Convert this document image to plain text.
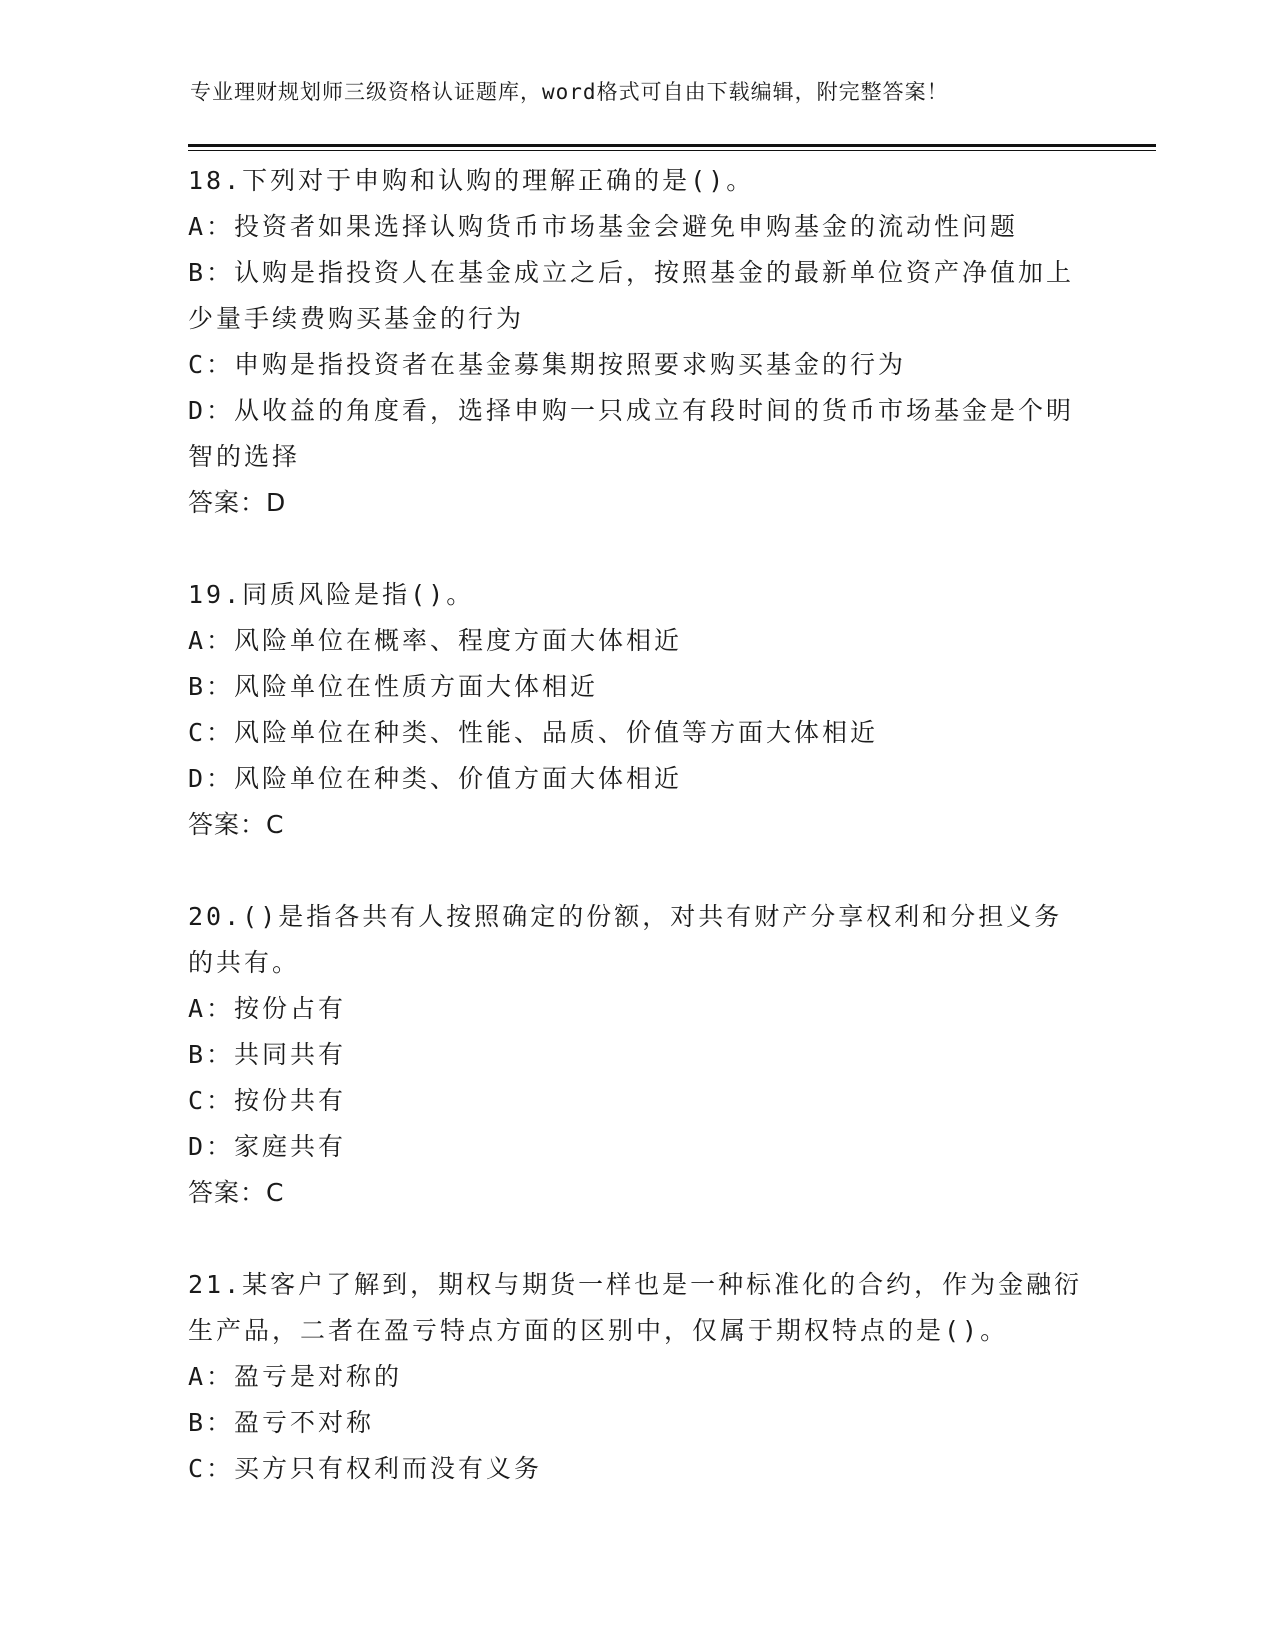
专业理财规划师三级资格认证题库，word格式可自由下载编辑，附完整答案！

18.下列对于申购和认购的理解正确的是()。

A：投资者如果选择认购货币市场基金会避免申购基金的流动性问题

B：认购是指投资人在基金成立之后，按照基金的最新单位资产净值加上少量手续费购买基金的行为

C：申购是指投资者在基金募集期按照要求购买基金的行为

D：从收益的角度看，选择申购一只成立有段时间的货币市场基金是个明智的选择

答案：D

19.同质风险是指()。

A：风险单位在概率、程度方面大体相近

B：风险单位在性质方面大体相近

C：风险单位在种类、性能、品质、价值等方面大体相近

D：风险单位在种类、价值方面大体相近

答案：C

20.()是指各共有人按照确定的份额，对共有财产分享权利和分担义务的共有。

A：按份占有

B：共同共有

C：按份共有

D：家庭共有

答案：C

21.某客户了解到，期权与期货一样也是一种标准化的合约，作为金融衍生产品，二者在盈亏特点方面的区别中，仅属于期权特点的是()。

A：盈亏是对称的

B：盈亏不对称

C：买方只有权利而没有义务
